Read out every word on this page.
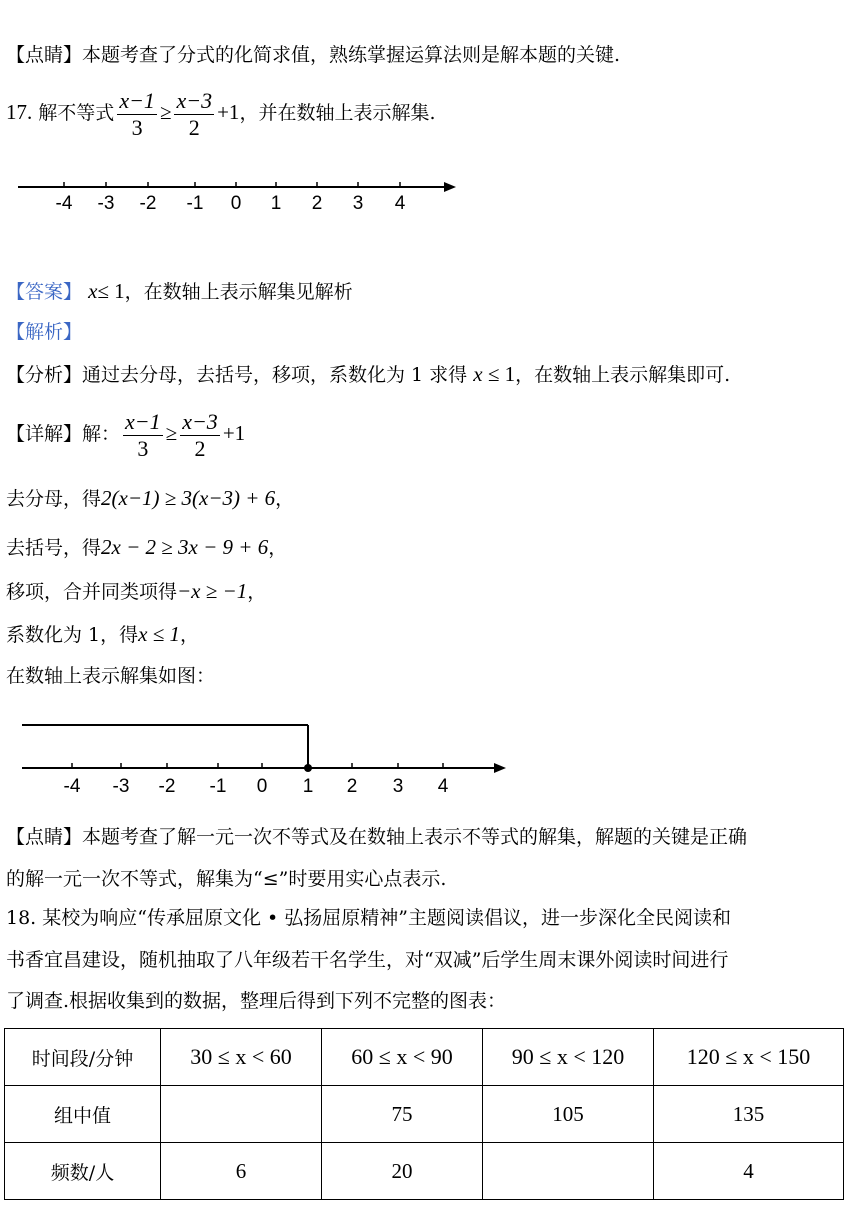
【点睛】本题考查了分式的化简求值，熟练掌握运算法则是解本题的关键.
17. 解不等式 $\frac{x-1}{3} \ge \frac{x-3}{2} +1$，并在数轴上表示解集.
-4 -3 -2 -1 0 1 2 3 4
【答案】 x≤ 1，在数轴上表示解集见解析
【解析】
【分析】通过去分母，去括号，移项，系数化为 1 求得 x ≤ 1，在数轴上表示解集即可.
【详解】解： $\frac{x-1}{3} \ge \frac{x-3}{2} +1$
去分母，得2(x−1) ≥ 3(x−3) + 6，
去括号，得2x − 2 ≥ 3x − 9 + 6，
移项，合并同类项得−x ≥ −1，
系数化为 1，得x ≤ 1，
在数轴上表示解集如图：
-4 -3 -2 -1 0 1 2 3 4
【点睛】本题考查了解一元一次不等式及在数轴上表示不等式的解集，解题的关键是正确
的解一元一次不等式，解集为“≤”时要用实心点表示.
18. 某校为响应“传承屈原文化 • 弘扬屈原精神”主题阅读倡议，进一步深化全民阅读和
书香宜昌建设，随机抽取了八年级若干名学生，对“双减”后学生周末课外阅读时间进行
了调查.根据收集到的数据，整理后得到下列不完整的图表：
时间段/分钟	30 ≤ x < 60	60 ≤ x < 90	90 ≤ x < 120	120 ≤ x < 150
组中值		75	105	135
频数/人	6	20		4
